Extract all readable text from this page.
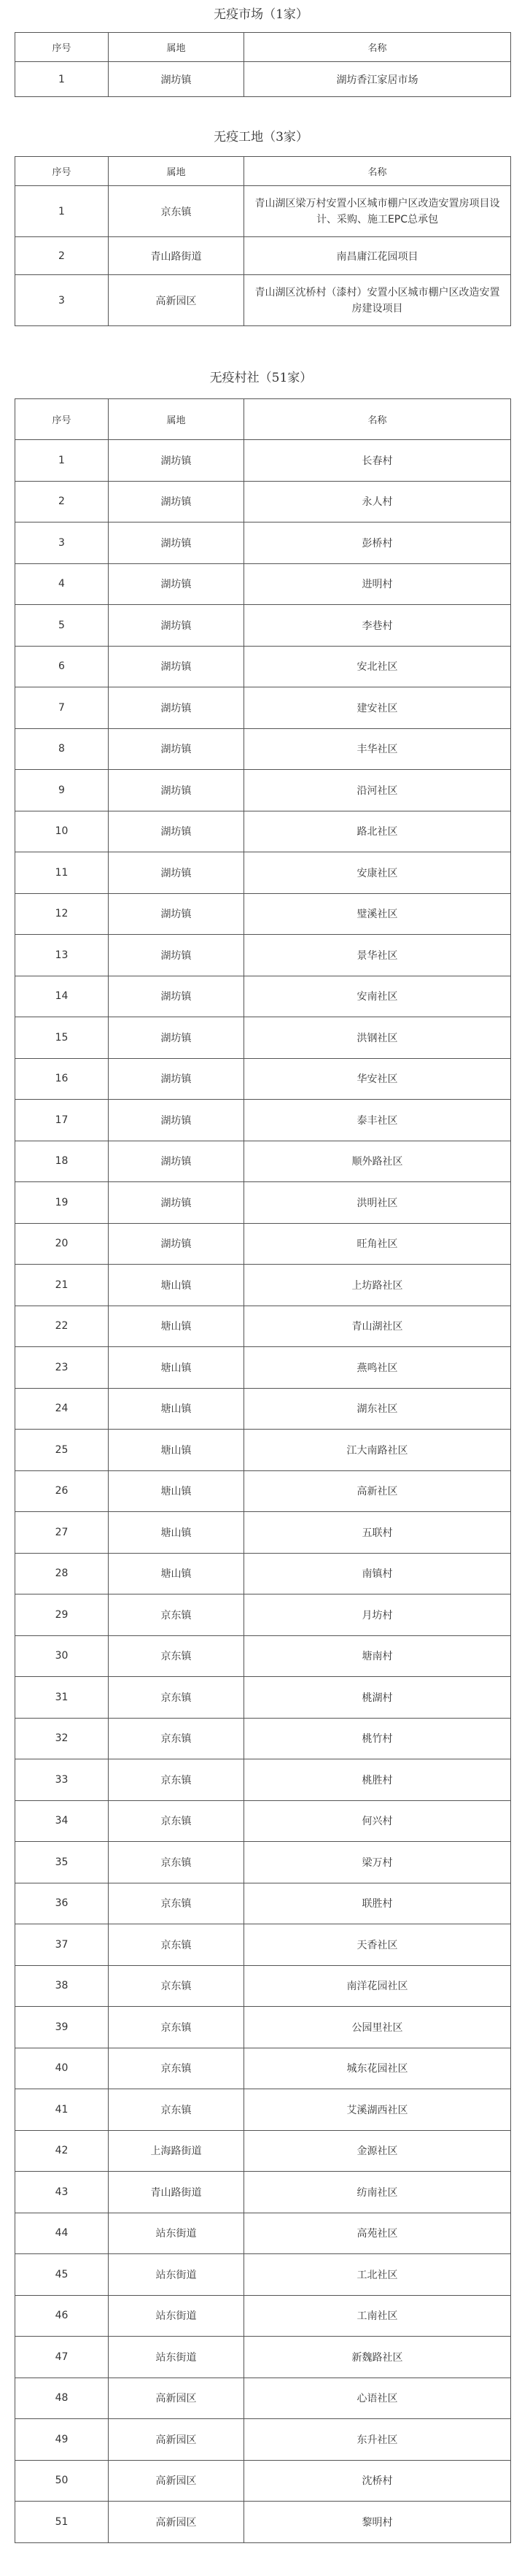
无疫市场（1家）
序号	属地	名称
1	湖坊镇	湖坊香江家居市场
无疫工地（3家）
序号	属地	名称
1	京东镇	青山湖区梁万村安置小区城市棚户区改造安置房项目设计、采购、施工EPC总承包
2	青山路街道	南昌庸江花园项目
3	高新园区	青山湖区沈桥村（漆村）安置小区城市棚户区改造安置房建设项目
无疫村社（51家）
序号	属地	名称
1	湖坊镇	长春村
2	湖坊镇	永人村
3	湖坊镇	彭桥村
4	湖坊镇	进明村
5	湖坊镇	李巷村
6	湖坊镇	安北社区
7	湖坊镇	建安社区
8	湖坊镇	丰华社区
9	湖坊镇	沿河社区
10	湖坊镇	路北社区
11	湖坊镇	安康社区
12	湖坊镇	璧溪社区
13	湖坊镇	景华社区
14	湖坊镇	安南社区
15	湖坊镇	洪钢社区
16	湖坊镇	华安社区
17	湖坊镇	泰丰社区
18	湖坊镇	顺外路社区
19	湖坊镇	洪明社区
20	湖坊镇	旺角社区
21	塘山镇	上坊路社区
22	塘山镇	青山湖社区
23	塘山镇	燕鸣社区
24	塘山镇	湖东社区
25	塘山镇	江大南路社区
26	塘山镇	高新社区
27	塘山镇	五联村
28	塘山镇	南镇村
29	京东镇	月坊村
30	京东镇	塘南村
31	京东镇	桃湖村
32	京东镇	桃竹村
33	京东镇	桃胜村
34	京东镇	何兴村
35	京东镇	梁万村
36	京东镇	联胜村
37	京东镇	天香社区
38	京东镇	南洋花园社区
39	京东镇	公园里社区
40	京东镇	城东花园社区
41	京东镇	艾溪湖西社区
42	上海路街道	金源社区
43	青山路街道	纺南社区
44	站东街道	高苑社区
45	站东街道	工北社区
46	站东街道	工南社区
47	站东街道	新魏路社区
48	高新园区	心语社区
49	高新园区	东升社区
50	高新园区	沈桥村
51	高新园区	黎明村
